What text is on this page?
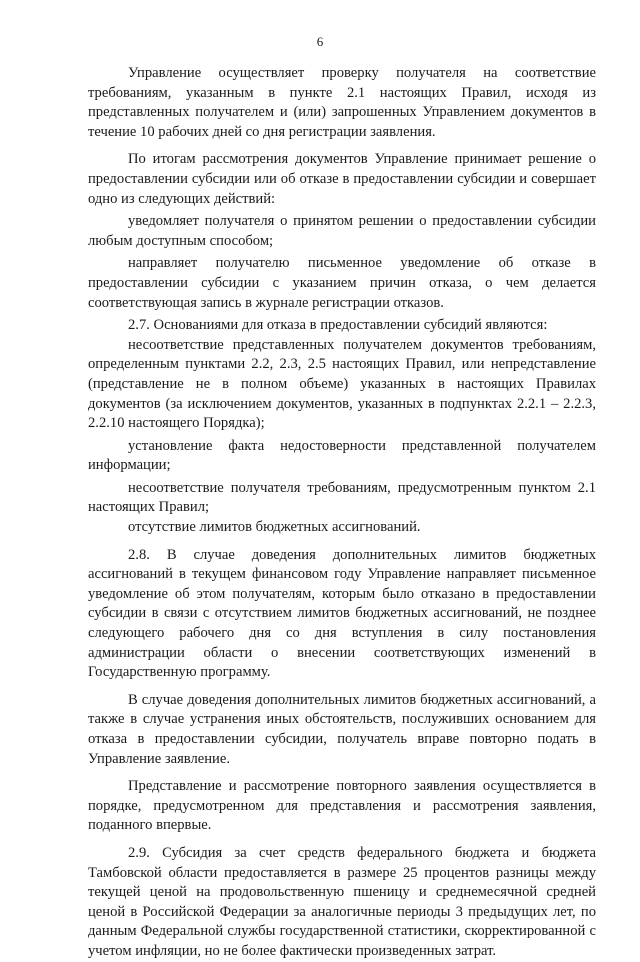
6

Управление осуществляет проверку получателя на соответствие требованиям, указанным в пункте 2.1 настоящих Правил, исходя из представленных получателем и (или) запрошенных Управлением документов в течение 10 рабочих дней со дня регистрации заявления.

По итогам рассмотрения документов Управление принимает решение о предоставлении субсидии или об отказе в предоставлении субсидии и совершает одно из следующих действий:

уведомляет получателя о принятом решении о предоставлении субсидии любым доступным способом;

направляет получателю письменное уведомление об отказе в предоставлении субсидии с указанием причин отказа, о чем делается соответствующая запись в журнале регистрации отказов.

2.7. Основаниями для отказа в предоставлении субсидий являются:

несоответствие представленных получателем документов требованиям, определенным пунктами 2.2, 2.3, 2.5 настоящих Правил, или непредставление (представление не в полном объеме) указанных в настоящих Правилах документов (за исключением документов, указанных в подпунктах 2.2.1 – 2.2.3, 2.2.10 настоящего Порядка);

установление факта недостоверности представленной получателем информации;

несоответствие получателя требованиям, предусмотренным пунктом 2.1 настоящих Правил;

отсутствие лимитов бюджетных ассигнований.

2.8. В случае доведения дополнительных лимитов бюджетных ассигнований в текущем финансовом году Управление направляет письменное уведомление об этом получателям, которым было отказано в предоставлении субсидии в связи с отсутствием лимитов бюджетных ассигнований, не позднее следующего рабочего дня со дня вступления в силу постановления администрации области о внесении соответствующих изменений в Государственную программу.

В случае доведения дополнительных лимитов бюджетных ассигнований, а также в случае устранения иных обстоятельств, послуживших основанием для отказа в предоставлении субсидии, получатель вправе повторно подать в Управление заявление.

Представление и рассмотрение повторного заявления осуществляется в порядке, предусмотренном для представления и рассмотрения заявления, поданного впервые.

2.9. Субсидия за счет средств федерального бюджета и бюджета Тамбовской области предоставляется в размере 25 процентов разницы между текущей ценой на продовольственную пшеницу и среднемесячной средней ценой в Российской Федерации за аналогичные периоды 3 предыдущих лет, по данным Федеральной службы государственной статистики, скорректированной с учетом инфляции, но не более фактически произведенных затрат.
